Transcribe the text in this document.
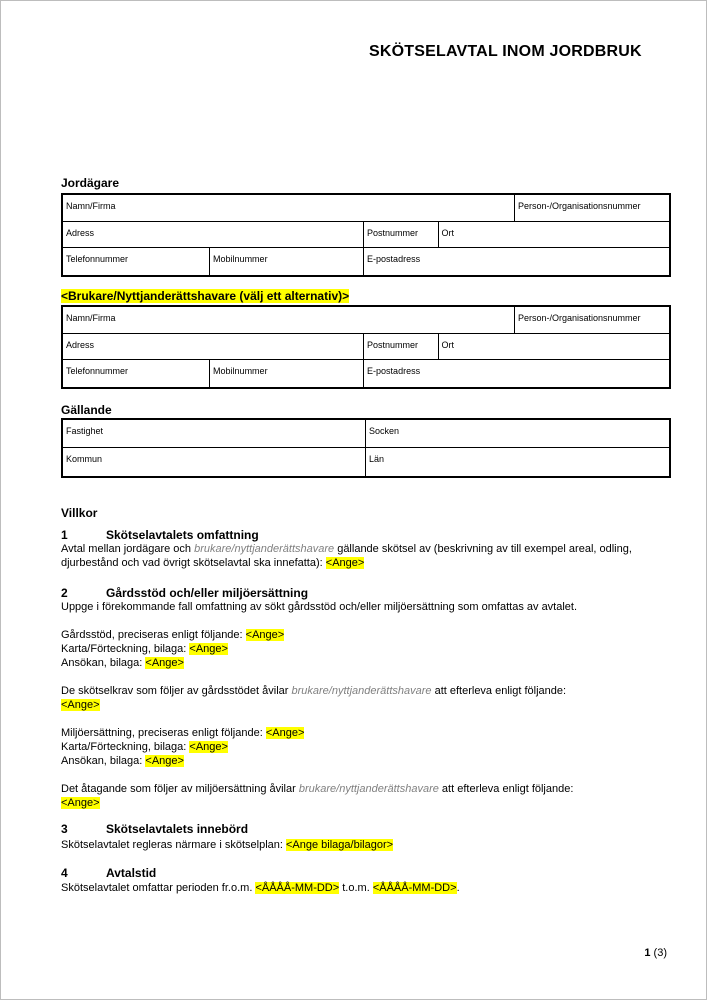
SKÖTSELAVTAL INOM JORDBRUK
Jordägare
Namn/Firma	Person-/Organisationsnummer
Adress	Postnummer	Ort
Telefonnummer	Mobilnummer	E-postadress
<Brukare/Nyttjanderättshavare (välj ett alternativ)>
Namn/Firma	Person-/Organisationsnummer
Adress	Postnummer	Ort
Telefonnummer	Mobilnummer	E-postadress
Gällande
Fastighet	Socken
Kommun	Län
Villkor
1	Skötselavtalets omfattning
Avtal mellan jordägare och brukare/nyttjanderättshavare gällande skötsel av (beskrivning av till exempel areal, odling, djurbestånd och vad övrigt skötselavtal ska innefatta): <Ange>
2	Gårdsstöd och/eller miljöersättning
Uppge i förekommande fall omfattning av sökt gårdsstöd och/eller miljöersättning som omfattas av avtalet.
Gårdsstöd, preciseras enligt följande: <Ange>
Karta/Förteckning, bilaga: <Ange>
Ansökan, bilaga: <Ange>
De skötselkrav som följer av gårdsstödet åvilar brukare/nyttjanderättshavare att efterleva enligt följande:
<Ange>
Miljöersättning, preciseras enligt följande: <Ange>
Karta/Förteckning, bilaga: <Ange>
Ansökan, bilaga: <Ange>
Det åtagande som följer av miljöersättning åvilar brukare/nyttjanderättshavare att efterleva enligt följande:
<Ange>
3	Skötselavtalets innebörd
Skötselavtalet regleras närmare i skötselplan: <Ange bilaga/bilagor>
4	Avtalstid
Skötselavtalet omfattar perioden fr.o.m. <ÅÅÅÅ-MM-DD> t.o.m. <ÅÅÅÅ-MM-DD>.
1 (3)
